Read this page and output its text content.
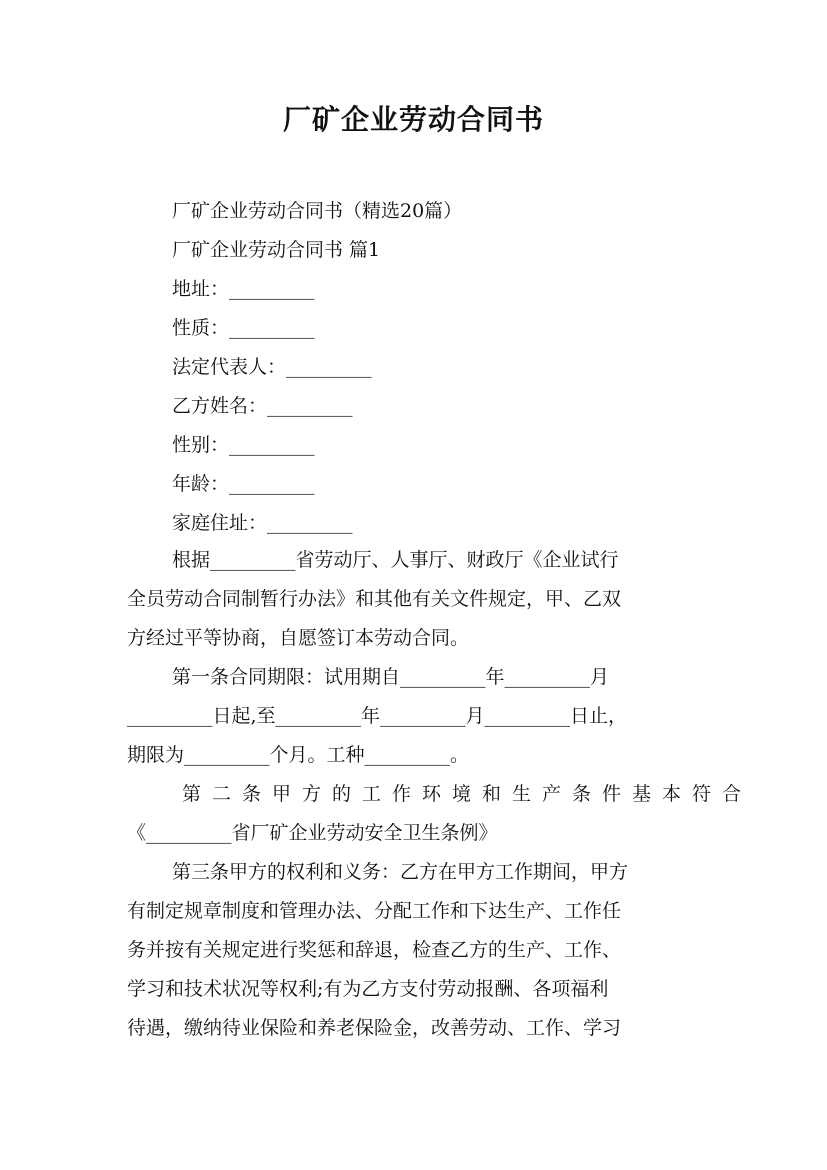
厂矿企业劳动合同书
厂矿企业劳动合同书（精选20篇）
厂矿企业劳动合同书 篇1
地址：_________
性质：_________
法定代表人：_________
乙方姓名：_________
性别：_________
年龄：_________
家庭住址：_________
根据_________省劳动厅、人事厅、财政厅《企业试行
全员劳动合同制暂行办法》和其他有关文件规定，甲、乙双
方经过平等协商，自愿签订本劳动合同。
第一条合同期限：试用期自_________年_________月
_________日起,至_________年_________月_________日止，
期限为_________个月。工种_________。
第二条甲方的工作环境和生产条件基本符合
《_________省厂矿企业劳动安全卫生条例》
第三条甲方的权利和义务：乙方在甲方工作期间，甲方
有制定规章制度和管理办法、分配工作和下达生产、工作任
务并按有关规定进行奖惩和辞退，检查乙方的生产、工作、
学习和技术状况等权利;有为乙方支付劳动报酬、各项福利
待遇，缴纳待业保险和养老保险金，改善劳动、工作、学习
